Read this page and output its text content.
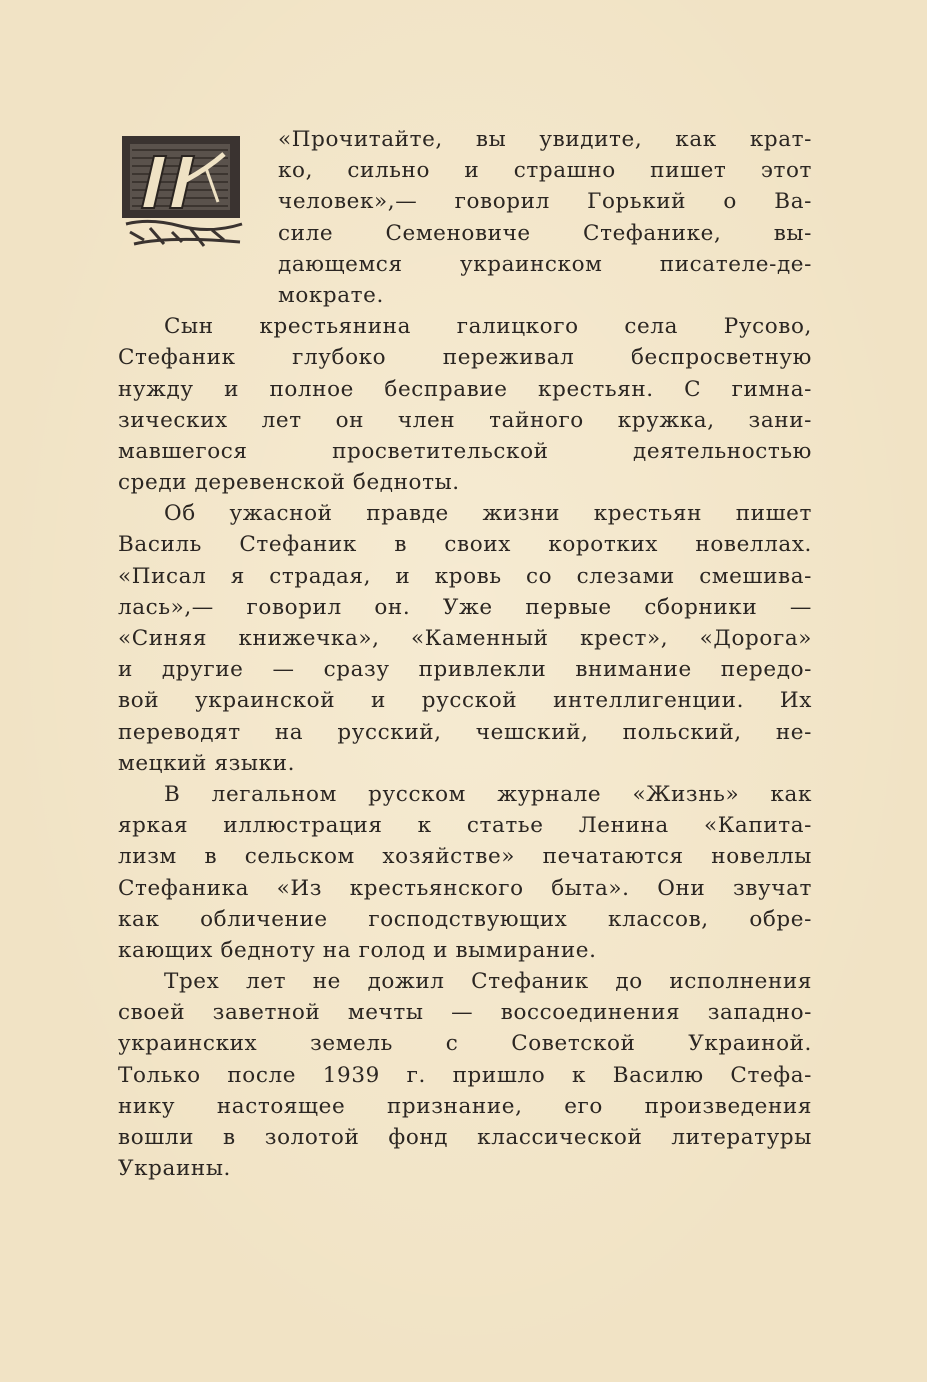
«Прочитайте, вы увидите, как крат-
ко, сильно и страшно пишет этот
человек»,— говорил Горький о Ва-
силе Семеновиче Стефанике, вы-
дающемся украинском писателе-де-
мократе.
Сын крестьянина галицкого села Русово,
Стефаник глубоко переживал беспросветную
нужду и полное бесправие крестьян. С гимна-
зических лет он член тайного кружка, зани-
мавшегося просветительской деятельностью
среди деревенской бедноты.
Об ужасной правде жизни крестьян пишет
Василь Стефаник в своих коротких новеллах.
«Писал я страдая, и кровь со слезами смешива-
лась»,— говорил он. Уже первые сборники —
«Синяя книжечка», «Каменный крест», «Дорога»
и другие — сразу привлекли внимание передо-
вой украинской и русской интеллигенции. Их
переводят на русский, чешский, польский, не-
мецкий языки.
В легальном русском журнале «Жизнь» как
яркая иллюстрация к статье Ленина «Капита-
лизм в сельском хозяйстве» печатаются новеллы
Стефаника «Из крестьянского быта». Они звучат
как обличение господствующих классов, обре-
кающих бедноту на голод и вымирание.
Трех лет не дожил Стефаник до исполнения
своей заветной мечты — воссоединения западно-
украинских земель с Советской Украиной.
Только после 1939 г. пришло к Василю Стефа-
нику настоящее признание, его произведения
вошли в золотой фонд классической литературы
Украины.
